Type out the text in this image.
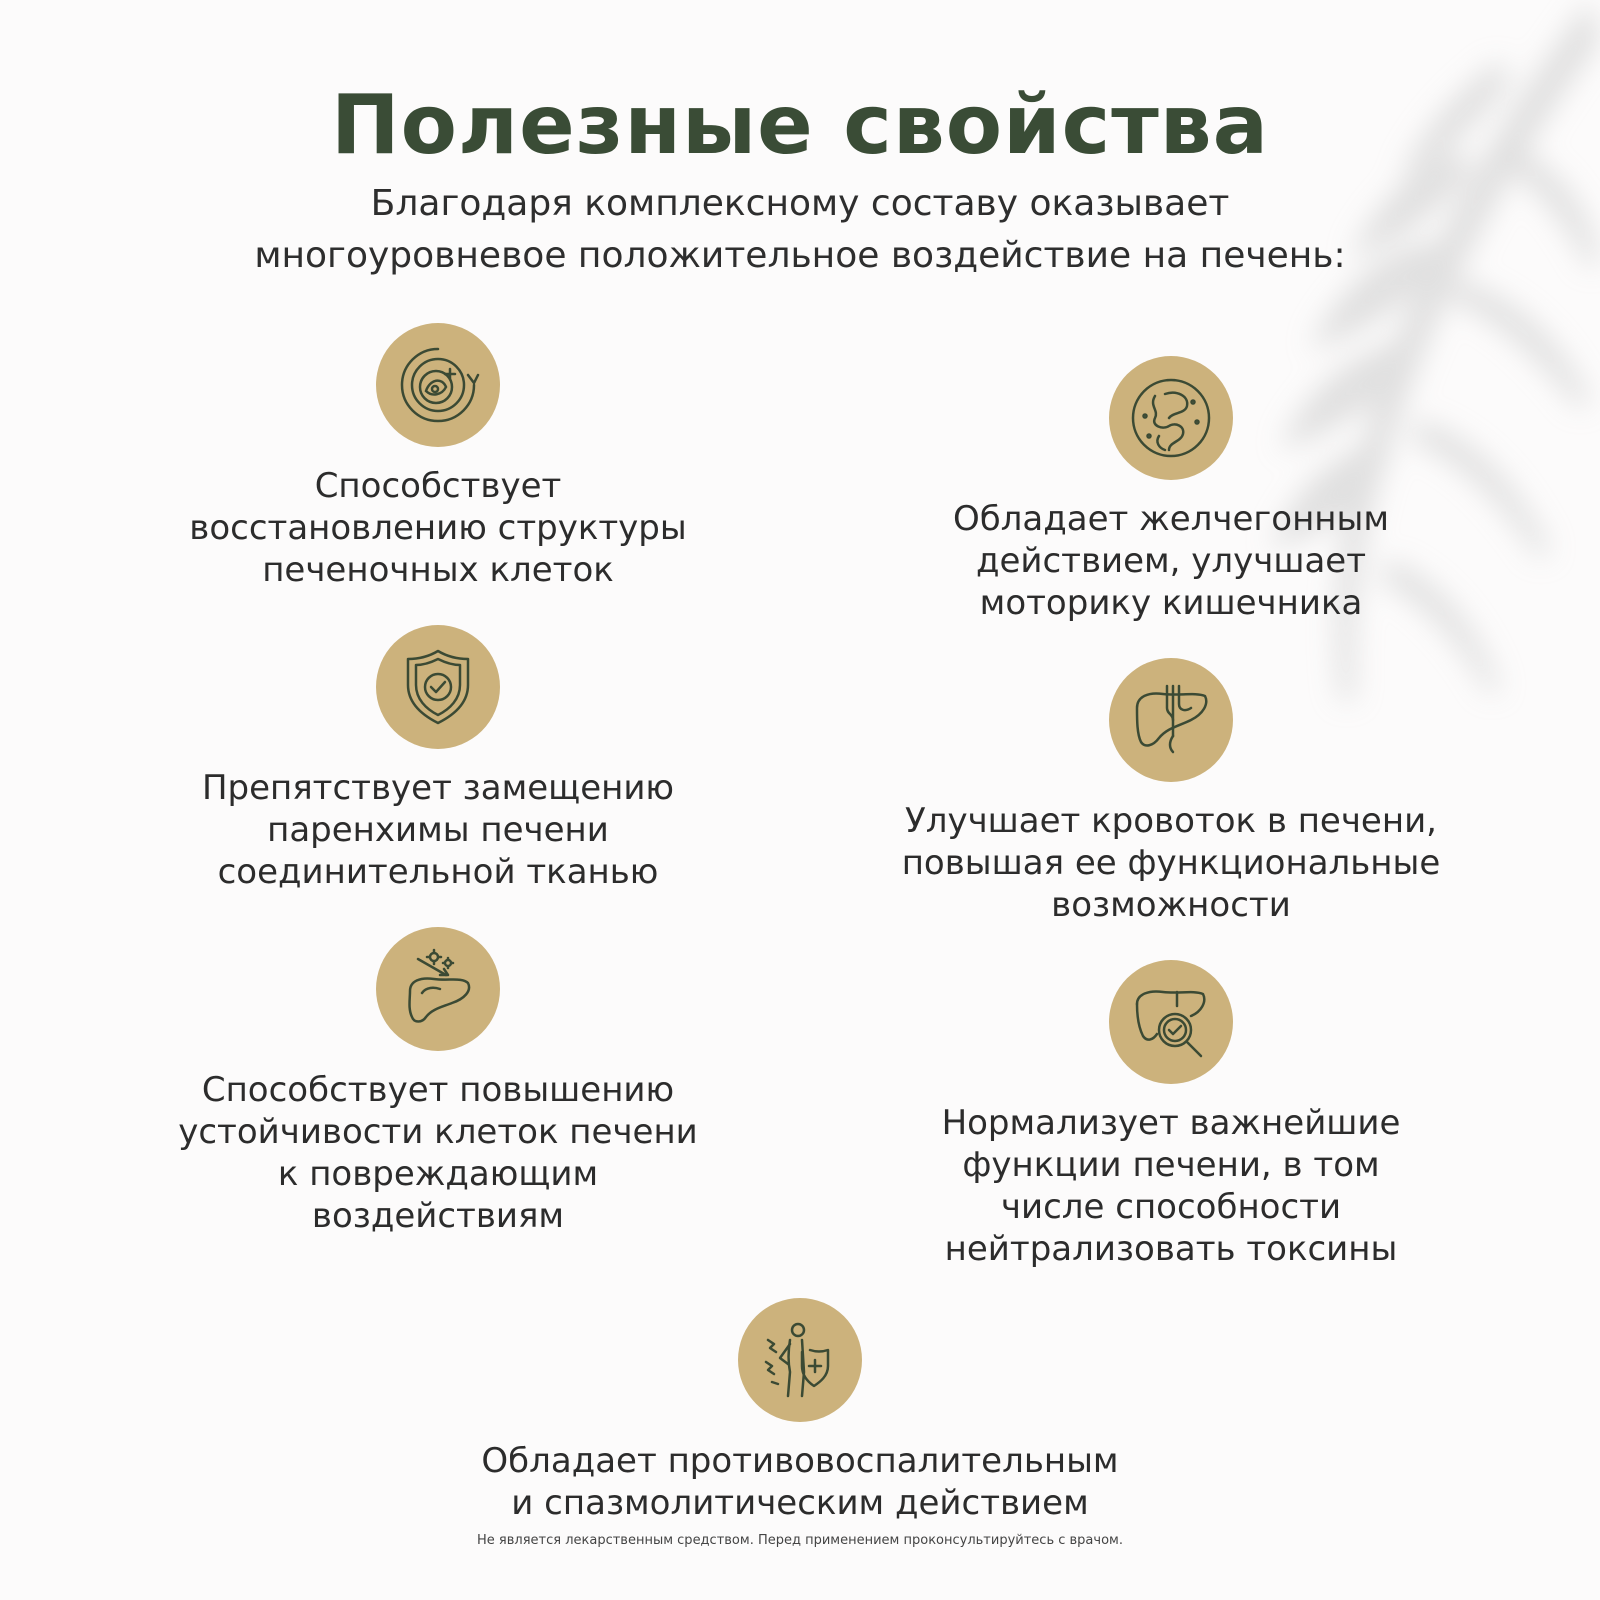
Полезные свойства
Благодаря комплексному составу оказывает
многоуровневое положительное воздействие на печень:
Способствует
восстановлению структуры
печеночных клеток
Обладает желчегонным
действием, улучшает
моторику кишечника
Препятствует замещению
паренхимы печени
соединительной тканью
Улучшает кровоток в печени,
повышая ее функциональные
возможности
Способствует повышению
устойчивости клеток печени
к повреждающим
воздействиям
Нормализует важнейшие
функции печени, в том
числе способности
нейтрализовать токсины
Обладает противовоспалительным
и спазмолитическим действием
Не является лекарственным средством. Перед применением проконсультируйтесь с врачом.
